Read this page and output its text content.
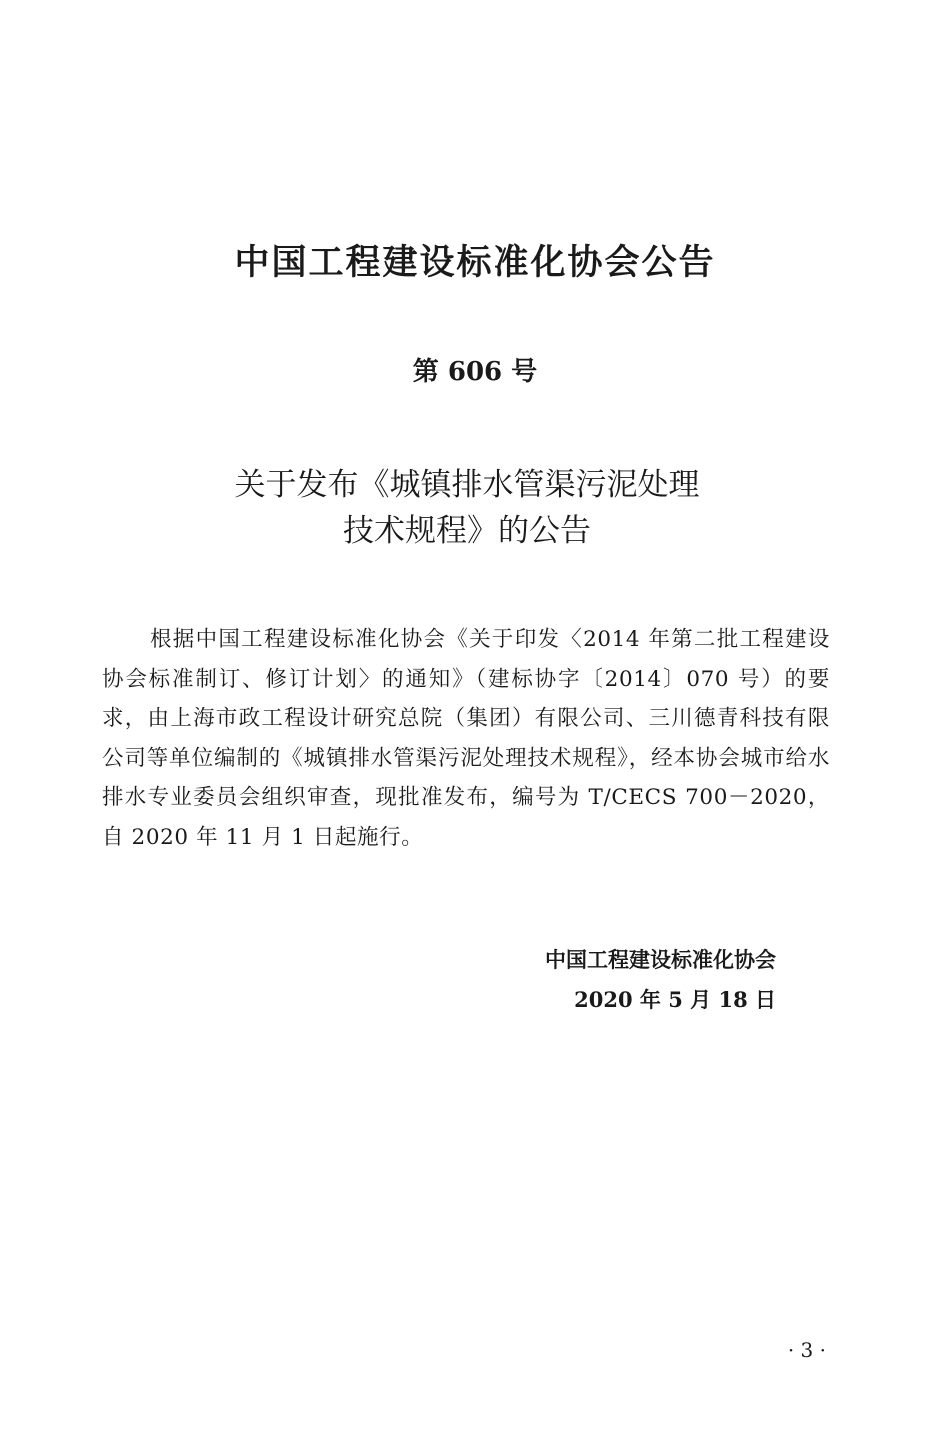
中国工程建设标准化协会公告
第 606 号
关于发布《城镇排水管渠污泥处理
技术规程》的公告

根据中国工程建设标准化协会《关于印发〈2014 年第二批工程建设协会标准制订、修订计划〉的通知》（建标协字〔2014〕070 号）的要求，由上海市政工程设计研究总院（集团）有限公司、三川德青科技有限公司等单位编制的《城镇排水管渠污泥处理技术规程》，经本协会城市给水排水专业委员会组织审查，现批准发布，编号为 T/CECS 700－2020，自 2020 年 11 月 1 日起施行。

中国工程建设标准化协会
2020 年 5 月 18 日
· 3 ·
